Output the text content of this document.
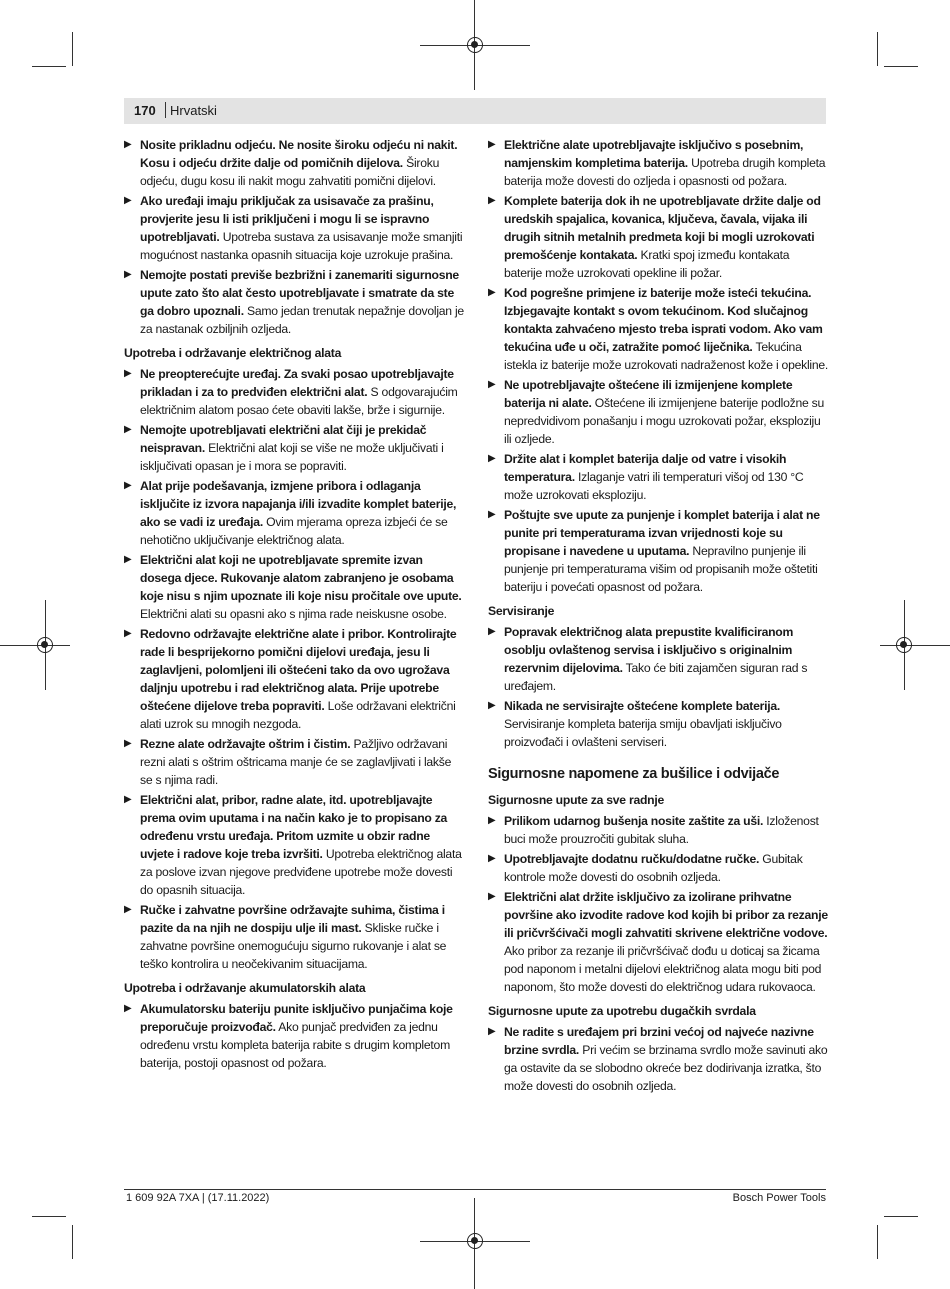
170 Hrvatski
▶ Nosite prikladnu odjeću. Ne nosite široku odjeću ni nakit. Kosu i odjeću držite dalje od pomičnih dijelova. Široku odjeću, dugu kosu ili nakit mogu zahvatiti pomični dijelovi.
▶ Ako uređaji imaju priključak za usisavače za prašinu, provjerite jesu li isti priključeni i mogu li se ispravno upotrebljavati. Upotreba sustava za usisavanje može smanjiti mogućnost nastanka opasnih situacija koje uzrokuje prašina.
▶ Nemojte postati previše bezbrižni i zanemariti sigurnosne upute zato što alat često upotrebljavate i smatrate da ste ga dobro upoznali. Samo jedan trenutak nepažnje dovoljan je za nastanak ozbiljnih ozljeda.
Upotreba i održavanje električnog alata
▶ Ne preopterećujte uređaj. Za svaki posao upotrebljavajte prikladan i za to predviđen električni alat. S odgovarajućim električnim alatom posao ćete obaviti lakše, brže i sigurnije.
▶ Nemojte upotrebljavati električni alat čiji je prekidač neispravan. Električni alat koji se više ne može uključivati i isključivati opasan je i mora se popraviti.
▶ Alat prije podešavanja, izmjene pribora i odlaganja isključite iz izvora napajanja i/ili izvadite komplet baterije, ako se vadi iz uređaja. Ovim mjerama opreza izbjeći će se nehotično uključivanje električnog alata.
▶ Električni alat koji ne upotrebljavate spremite izvan dosega djece. Rukovanje alatom zabranjeno je osobama koje nisu s njim upoznate ili koje nisu pročitale ove upute. Električni alati su opasni ako s njima rade neiskusne osobe.
▶ Redovno održavajte električne alate i pribor. Kontrolirajte rade li besprijekorno pomični dijelovi uređaja, jesu li zaglavljeni, polomljeni ili oštećeni tako da ovo ugrožava daljnju upotrebu i rad električnog alata. Prije upotrebe oštećene dijelove treba popraviti. Loše održavani električni alati uzrok su mnogih nezgoda.
▶ Rezne alate održavajte oštrim i čistim. Pažljivo održavani rezni alati s oštrim oštricama manje će se zaglavljivati i lakše se s njima radi.
▶ Električni alat, pribor, radne alate, itd. upotrebljavajte prema ovim uputama i na način kako je to propisano za određenu vrstu uređaja. Pritom uzmite u obzir radne uvjete i radove koje treba izvršiti. Upotreba električnog alata za poslove izvan njegove predviđene upotrebe može dovesti do opasnih situacija.
▶ Ručke i zahvatne površine održavajte suhima, čistima i pazite da na njih ne dospiju ulje ili mast. Skliske ručke i zahvatne površine onemogućuju sigurno rukovanje i alat se teško kontrolira u neočekivanim situacijama.
Upotreba i održavanje akumulatorskih alata
▶ Akumulatorsku bateriju punite isključivo punjačima koje preporučuje proizvođač. Ako punjač predviđen za jednu određenu vrstu kompleta baterija rabite s drugim kompletom baterija, postoji opasnost od požara.
▶ Električne alate upotrebljavajte isključivo s posebnim, namjenskim kompletima baterija. Upotreba drugih kompleta baterija može dovesti do ozljeda i opasnosti od požara.
▶ Komplete baterija dok ih ne upotrebljavate držite dalje od uredskih spajalica, kovanica, ključeva, čavala, vijaka ili drugih sitnih metalnih predmeta koji bi mogli uzrokovati premošćenje kontakata. Kratki spoj između kontakata baterije može uzrokovati opekline ili požar.
▶ Kod pogrešne primjene iz baterije može isteći tekućina. Izbjegavajte kontakt s ovom tekućinom. Kod slučajnog kontakta zahvaćeno mjesto treba isprati vodom. Ako vam tekućina uđe u oči, zatražite pomoć liječnika. Tekućina istekla iz baterije može uzrokovati nadraženost kože i opekline.
▶ Ne upotrebljavajte oštećene ili izmijenjene komplete baterija ni alate. Oštećene ili izmijenjene baterije podložne su nepredvidivom ponašanju i mogu uzrokovati požar, eksploziju ili ozljede.
▶ Držite alat i komplet baterija dalje od vatre i visokih temperatura. Izlaganje vatri ili temperaturi višoj od 130 °C može uzrokovati eksploziju.
▶ Poštujte sve upute za punjenje i komplet baterija i alat ne punite pri temperaturama izvan vrijednosti koje su propisane i navedene u uputama. Nepravilno punjenje ili punjenje pri temperaturama višim od propisanih može oštetiti bateriju i povećati opasnost od požara.
Servisiranje
▶ Popravak električnog alata prepustite kvalificiranom osoblju ovlaštenog servisa i isključivo s originalnim rezervnim dijelovima. Tako će biti zajamčen siguran rad s uređajem.
▶ Nikada ne servisirajte oštećene komplete baterija. Servisiranje kompleta baterija smiju obavljati isključivo proizvođači i ovlašteni serviseri.
Sigurnosne napomene za bušilice i odvijače
Sigurnosne upute za sve radnje
▶ Prilikom udarnog bušenja nosite zaštite za uši. Izloženost buci može prouzročiti gubitak sluha.
▶ Upotrebljavajte dodatnu ručku/dodatne ručke. Gubitak kontrole može dovesti do osobnih ozljeda.
▶ Električni alat držite isključivo za izolirane prihvatne površine ako izvodite radove kod kojih bi pribor za rezanje ili pričvršćivači mogli zahvatiti skrivene električne vodove. Ako pribor za rezanje ili pričvršćivač dođu u doticaj sa žicama pod naponom i metalni dijelovi električnog alata mogu biti pod naponom, što može dovesti do električnog udara rukovaoca.
Sigurnosne upute za upotrebu dugačkih svrdala
▶ Ne radite s uređajem pri brzini većoj od najveće nazivne brzine svrdla. Pri većim se brzinama svrdlo može savinuti ako ga ostavite da se slobodno okreće bez dodirivanja izratka, što može dovesti do osobnih ozljeda.
1 609 92A 7XA | (17.11.2022)	Bosch Power Tools
